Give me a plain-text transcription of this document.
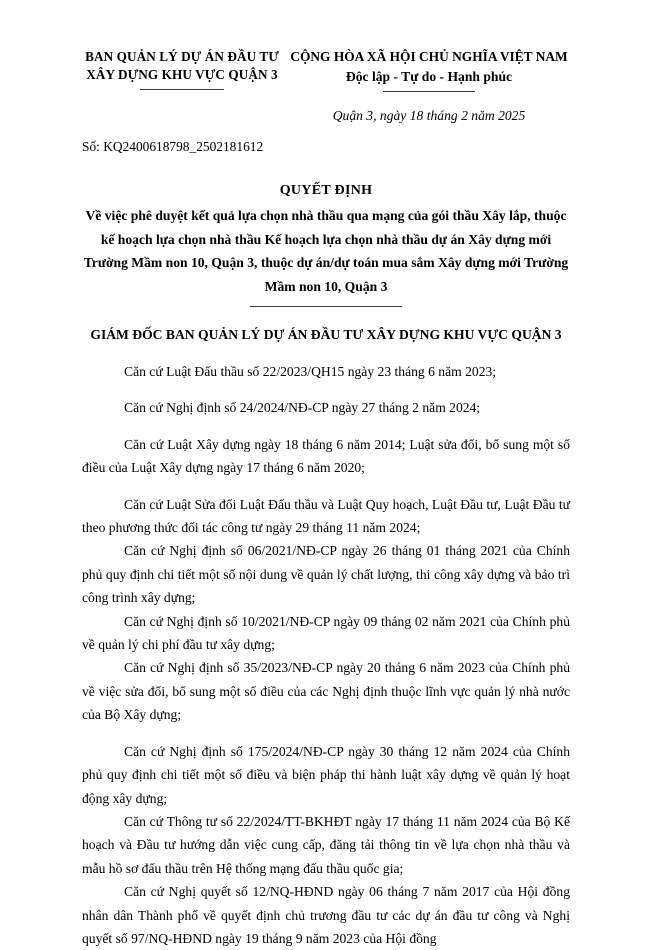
BAN QUẢN LÝ DỰ ÁN ĐẦU TƯ XÂY DỰNG KHU VỰC QUẬN 3
CỘNG HÒA XÃ HỘI CHỦ NGHĨA VIỆT NAM
Độc lập - Tự do - Hạnh phúc
Quận 3, ngày 18 tháng 2 năm 2025
Số: KQ2400618798_2502181612
QUYẾT ĐỊNH
Về việc phê duyệt kết quả lựa chọn nhà thầu qua mạng của gói thầu Xây lắp, thuộc kế hoạch lựa chọn nhà thầu Kế hoạch lựa chọn nhà thầu dự án Xây dựng mới Trường Mầm non 10, Quận 3, thuộc dự án/dự toán mua sắm Xây dựng mới Trường Mầm non 10, Quận 3
GIÁM ĐỐC BAN QUẢN LÝ DỰ ÁN ĐẦU TƯ XÂY DỰNG KHU VỰC QUẬN 3

Căn cứ Luật Đấu thầu số 22/2023/QH15 ngày 23 tháng 6 năm 2023;

Căn cứ Nghị định số 24/2024/NĐ-CP ngày 27 tháng 2 năm 2024;

Căn cứ Luật Xây dựng ngày 18 tháng 6 năm 2014; Luật sửa đổi, bổ sung một số điều của Luật Xây dựng ngày 17 tháng 6 năm 2020;

Căn cứ Luật Sửa đổi Luật Đấu thầu và Luật Quy hoạch, Luật Đầu tư, Luật Đầu tư theo phương thức đối tác công tư ngày 29 tháng 11 năm 2024;

Căn cứ Nghị định số 06/2021/NĐ-CP ngày 26 tháng 01 tháng 2021 của Chính phủ quy định chi tiết một số nội dung về quản lý chất lượng, thi công xây dựng và bảo trì công trình xây dựng;

Căn cứ Nghị định số 10/2021/NĐ-CP ngày 09 tháng 02 năm 2021 của Chính phủ về quản lý chi phí đầu tư xây dựng;

Căn cứ Nghị định số 35/2023/NĐ-CP ngày 20 tháng 6 năm 2023 của Chính phủ về việc sửa đổi, bổ sung một số điều của các Nghị định thuộc lĩnh vực quản lý nhà nước của Bộ Xây dựng;

Căn cứ Nghị định số 175/2024/NĐ-CP ngày 30 tháng 12 năm 2024 của Chính phủ quy định chi tiết một số điều và biện pháp thi hành luật xây dựng về quản lý hoạt động xây dựng;

Căn cứ Thông tư số 22/2024/TT-BKHĐT ngày 17 tháng 11 năm 2024 của Bộ Kế hoạch và Đầu tư hướng dẫn việc cung cấp, đăng tải thông tin về lựa chọn nhà thầu và mẫu hồ sơ đấu thầu trên Hệ thống mạng đấu thầu quốc gia;

Căn cứ Nghị quyết số 12/NQ-HĐND ngày 06 tháng 7 năm 2017 của Hội đồng nhân dân Thành phố về quyết định chủ trương đầu tư các dự án đầu tư công và Nghị quyết số 97/NQ-HĐND ngày 19 tháng 9 năm 2023 của Hội đồng
